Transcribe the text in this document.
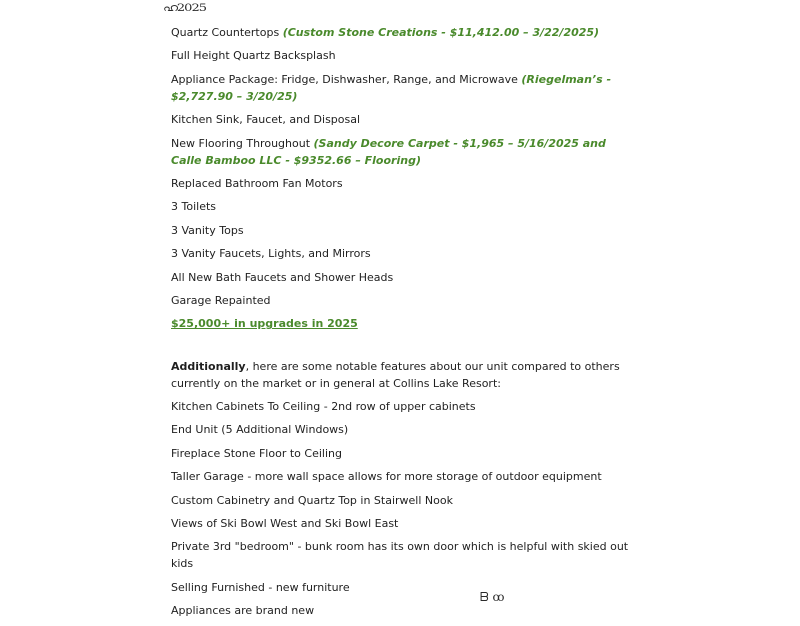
ഹ2025
Quartz Countertops (Custom Stone Creations - $11,412.00 – 3/22/2025)
Full Height Quartz Backsplash
Appliance Package: Fridge, Dishwasher, Range, and Microwave (Riegelman’s - $2,727.90 – 3/20/25)
Kitchen Sink, Faucet, and Disposal
New Flooring Throughout (Sandy Decore Carpet - $1,965 – 5/16/2025 and Calle Bamboo LLC - $9352.66 – Flooring)
Replaced Bathroom Fan Motors
3 Toilets
3 Vanity Tops
3 Vanity Faucets, Lights, and Mirrors
All New Bath Faucets and Shower Heads
Garage Repainted
$25,000+ in upgrades in 2025
Additionally, here are some notable features about our unit compared to others currently on the market or in general at Collins Lake Resort:
Kitchen Cabinets To Ceiling - 2nd row of upper cabinets
End Unit (5 Additional Windows)
Fireplace Stone Floor to Ceiling
Taller Garage - more wall space allows for more storage of outdoor equipment
Custom Cabinetry and Quartz Top in Stairwell Nook
Views of Ski Bowl West and Ski Bowl East
Private 3rd "bedroom" - bunk room has its own door which is helpful with skied out kids
Selling Furnished - new furniture
Appliances are brand new
ᗷ ꝏ
